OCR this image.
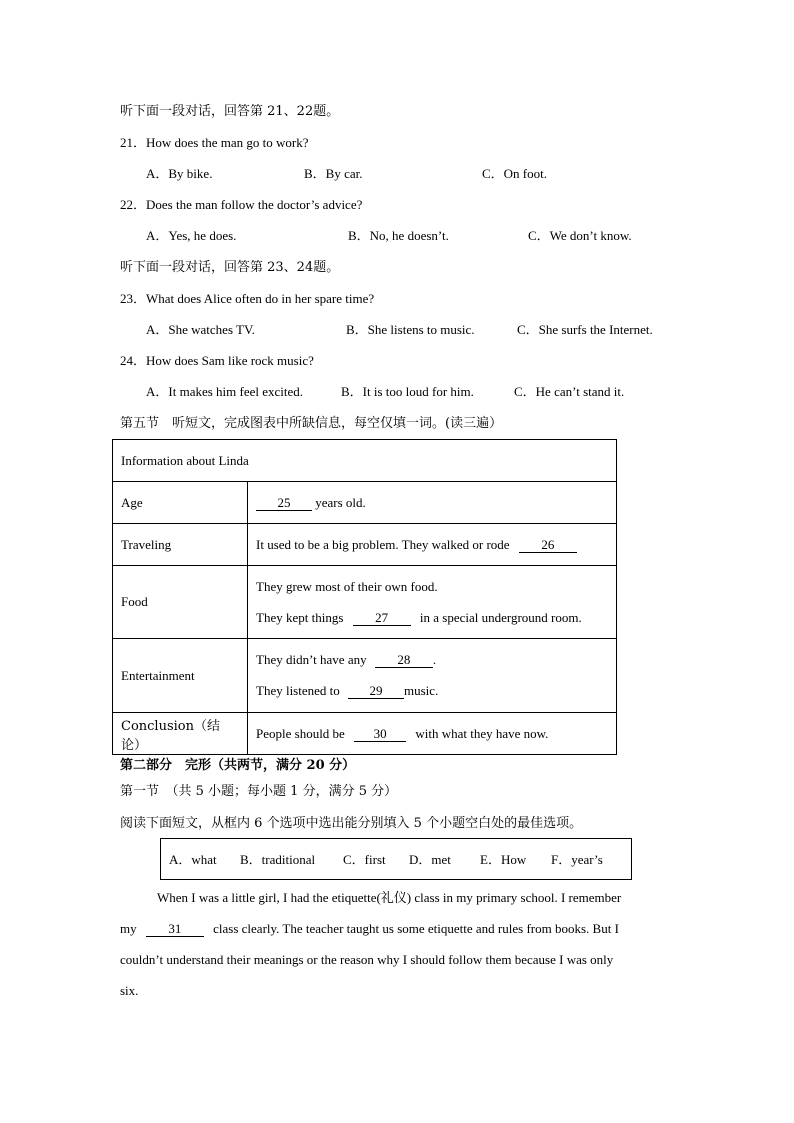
听下面一段对话，回答第 21、22题。
21．How does the man go to work?
A．By bike.	B．By car.	C．On foot.
22．Does the man follow the doctor’s advice?
A．Yes, he does.	B．No, he doesn’t.	C．We don’t know.
听下面一段对话，回答第 23、24题。
23．What does Alice often do in her spare time?
A．She watches TV.	B．She listens to music.	C．She surfs the Internet.
24．How does Sam like rock music?
A．It makes him feel excited.	B．It is too loud for him.	C．He can’t stand it.
第五节　听短文，完成图表中所缺信息，每空仅填一词。(读三遍）
Information about Linda	
Age	25 years old.
Traveling	It used to be a big problem. They walked or rode 26
Food	They grew most of their own food.
They kept things 27 in a special underground room.

Entertainment	They didn’t have any 28 .
They listened to 29 music.

Conclusion（结论）	People should be 30 with what they have now.
第二部分　完形（共两节，满分 20 分）
第一节　（共 5 小题；每小题 1 分，满分 5 分）
阅读下面短文，从框内 6 个选项中选出能分别填入 5 个小题空白处的最佳选项。
A．what B．traditional C．first D．met E．How F．year’s
When I was a little girl, I had the etiquette(礼仪) class in my primary school. I remember
my 31 class clearly. The teacher taught us some etiquette and rules from books. But I
couldn’t understand their meanings or the reason why I should follow them because I was only
six.
